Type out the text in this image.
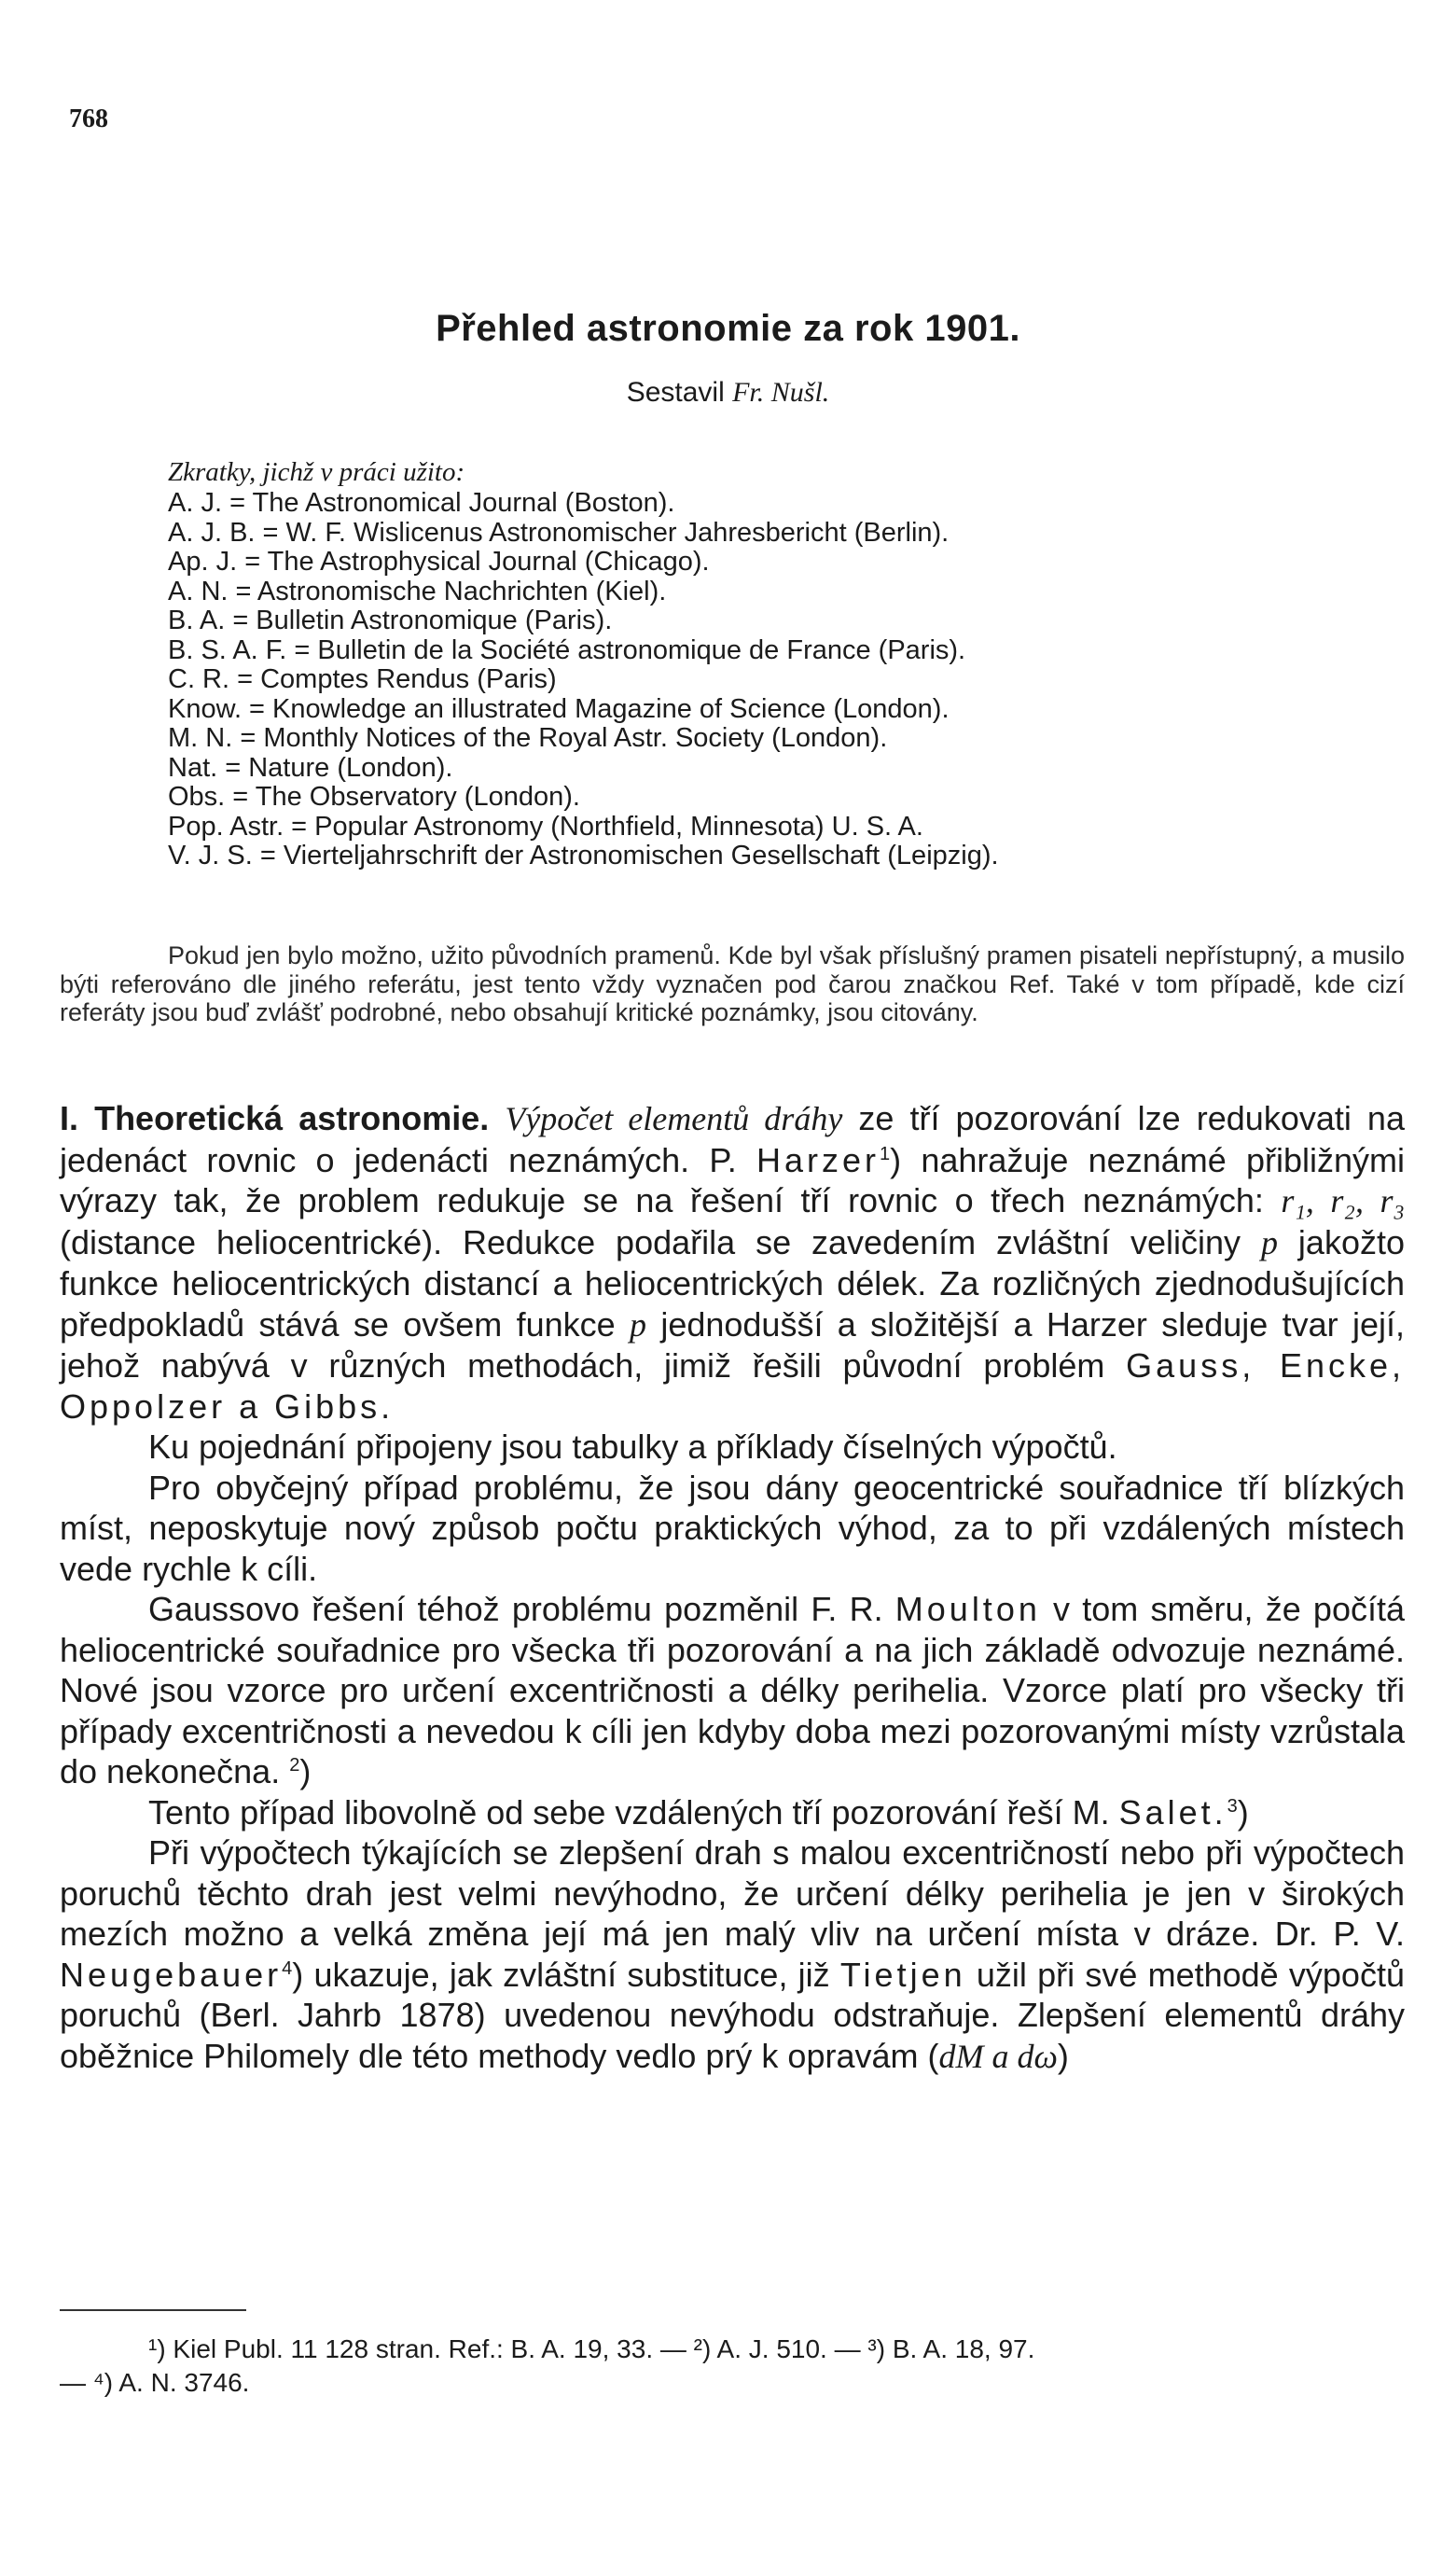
768
Přehled astronomie za rok 1901.
Sestavil Fr. Nušl.
Zkratky, jichž v práci užito:
A. J. = The Astronomical Journal (Boston).
A. J. B. = W. F. Wislicenus Astronomischer Jahresbericht (Berlin).
Ap. J. = The Astrophysical Journal (Chicago).
A. N. = Astronomische Nachrichten (Kiel).
B. A. = Bulletin Astronomique (Paris).
B. S. A. F. = Bulletin de la Société astronomique de France (Paris).
C. R. = Comptes Rendus (Paris)
Know. = Knowledge an illustrated Magazine of Science (London).
M. N. = Monthly Notices of the Royal Astr. Society (London).
Nat. = Nature (London).
Obs. = The Observatory (London).
Pop. Astr. = Popular Astronomy (Northfield, Minnesota) U. S. A.
V. J. S. = Vierteljahrschrift der Astronomischen Gesellschaft (Leipzig).
Pokud jen bylo možno, užito původních pramenů. Kde byl však příslušný pramen pisateli nepřístupný, a musilo býti referováno dle jiného referátu, jest tento vždy vyznačen pod čarou značkou Ref. Také v tom případě, kde cizí referáty jsou buď zvlášť podrobné, nebo obsahují kritické poznámky, jsou citovány.

I. Theoretická astronomie. Výpočet elementů dráhy ze tří pozorování lze redukovati na jedenáct rovnic o jedenácti neznámých. P. Harzer$^1$) nahražuje neznámé přibližnými výrazy tak, že problem redukuje se na řešení tří rovnic o třech neznámých: r₁, r₂, r₃ (distance heliocentrické). Redukce podařila se zavedením zvláštní veličiny p jakožto funkce heliocentrických distancí a heliocentrických délek. Za rozličných zjednodušujících předpokladů stává se ovšem funkce p jednodušší a složitější a Harzer sleduje tvar její, jehož nabývá v různých methodách, jimiž řešili původní problém Gauss, Encke, Oppolzer a Gibbs.

Ku pojednání připojeny jsou tabulky a příklady číselných výpočtů.

Pro obyčejný případ problému, že jsou dány geocentrické souřadnice tří blízkých míst, neposkytuje nový způsob počtu praktických výhod, za to při vzdálených místech vede rychle k cíli.

Gaussovo řešení téhož problému pozměnil F. R. Moulton v tom směru, že počítá heliocentrické souřadnice pro všecka tři pozorování a na jich základě odvozuje neznámé. Nové jsou vzorce pro určení excentričnosti a délky perihelia. Vzorce platí pro všecky tři případy excentričnosti a nevedou k cíli jen kdyby doba mezi pozorovanými místy vzrůstala do nekonečna. $^2$)

Tento případ libovolně od sebe vzdálených tří pozorování řeší M. Salet.$^3$)

Při výpočtech týkajících se zlepšení drah s malou excentričností nebo při výpočtech poruchů těchto drah jest velmi nevýhodno, že určení délky perihelia je jen v širokých mezích možno a velká změna její má jen malý vliv na určení místa v dráze. Dr. P. V. Neugebauer$^4$) ukazuje, jak zvláštní substituce, již Tietjen užil při své methodě výpočtů poruchů (Berl. Jahrb 1878) uvedenou nevýhodu odstraňuje. Zlepšení elementů dráhy oběžnice Philomely dle této methody vedlo prý k opravám (dM a dω)

¹) Kiel Publ. 11 128 stran. Ref.: B. A. 19, 33. — ²) A. J. 510. — ³) B. A. 18, 97.

— ⁴) A. N. 3746.
